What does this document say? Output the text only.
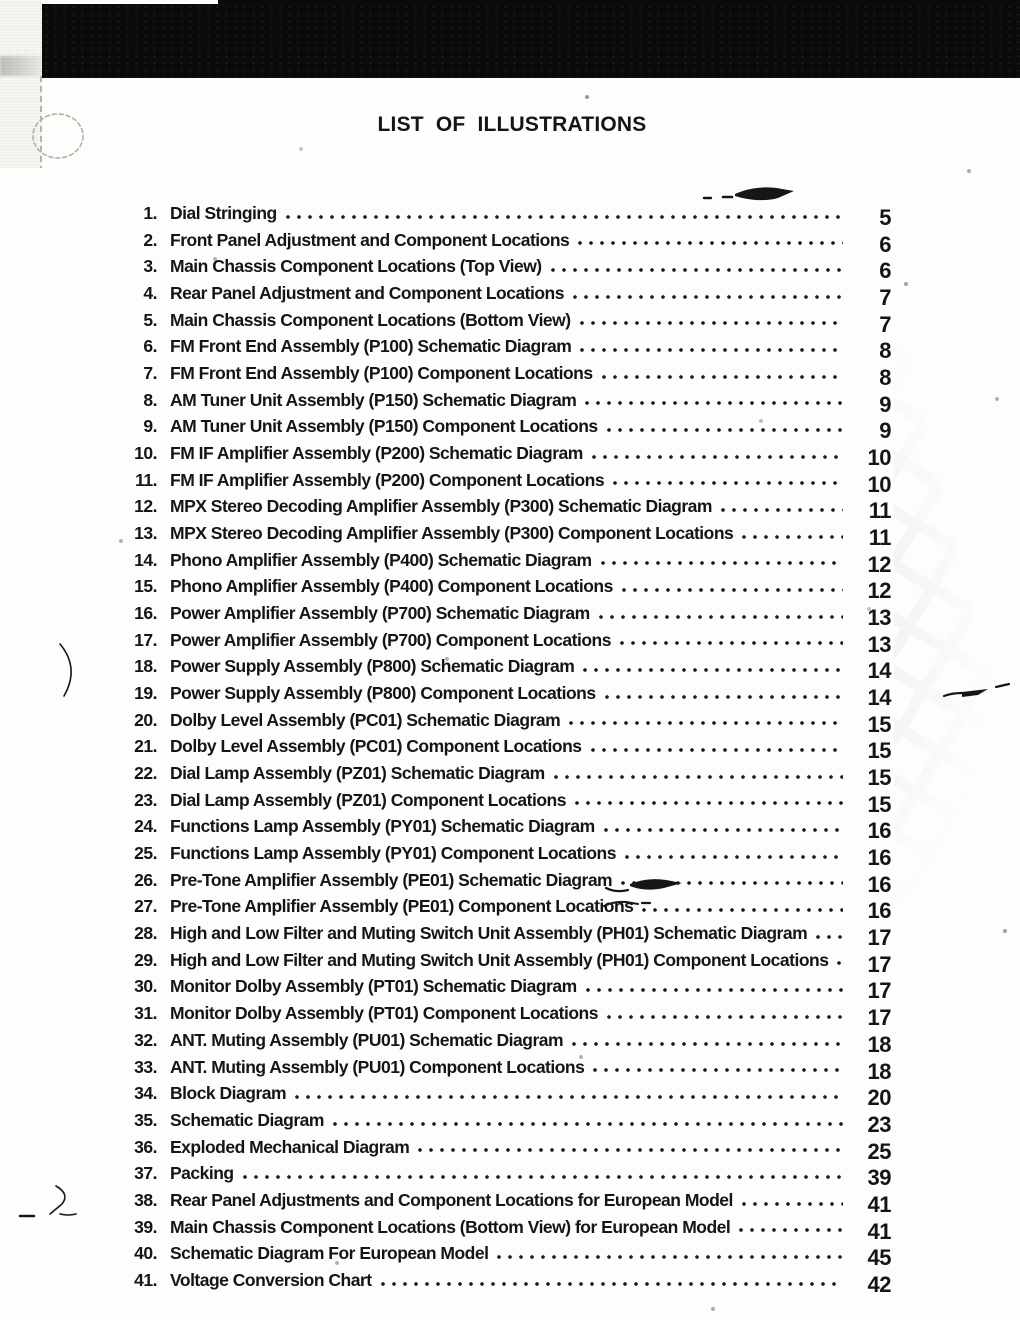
LIST OF ILLUSTRATIONS
1. Dial Stringing	5
2. Front Panel Adjustment and Component Locations	6
3. Main Chassis Component Locations (Top View)	6
4. Rear Panel Adjustment and Component Locations	7
5. Main Chassis Component Locations (Bottom View)	7
6. FM Front End Assembly (P100) Schematic Diagram	8
7. FM Front End Assembly (P100) Component Locations	8
8. AM Tuner Unit Assembly (P150) Schematic Diagram	9
9. AM Tuner Unit Assembly (P150) Component Locations	9
10. FM IF Amplifier Assembly (P200) Schematic Diagram	10
11. FM IF Amplifier Assembly (P200) Component Locations	10
12. MPX Stereo Decoding Amplifier Assembly (P300) Schematic Diagram	11
13. MPX Stereo Decoding Amplifier Assembly (P300) Component Locations	11
14. Phono Amplifier Assembly (P400) Schematic Diagram	12
15. Phono Amplifier Assembly (P400) Component Locations	12
16. Power Amplifier Assembly (P700) Schematic Diagram	13
17. Power Amplifier Assembly (P700) Component Locations	13
18. Power Supply Assembly (P800) Schematic Diagram	14
19. Power Supply Assembly (P800) Component Locations	14
20. Dolby Level Assembly (PC01) Schematic Diagram	15
21. Dolby Level Assembly (PC01) Component Locations	15
22. Dial Lamp Assembly (PZ01) Schematic Diagram	15
23. Dial Lamp Assembly (PZ01) Component Locations	15
24. Functions Lamp Assembly (PY01) Schematic Diagram	16
25. Functions Lamp Assembly (PY01) Component Locations	16
26. Pre-Tone Amplifier Assembly (PE01) Schematic Diagram	16
27. Pre-Tone Amplifier Assembly (PE01) Component Locations	16
28. High and Low Filter and Muting Switch Unit Assembly (PH01) Schematic Diagram	17
29. High and Low Filter and Muting Switch Unit Assembly (PH01) Component Locations	17
30. Monitor Dolby Assembly (PT01) Schematic Diagram	17
31. Monitor Dolby Assembly (PT01) Component Locations	17
32. ANT. Muting Assembly (PU01) Schematic Diagram	18
33. ANT. Muting Assembly (PU01) Component Locations	18
34. Block Diagram	20
35. Schematic Diagram	23
36. Exploded Mechanical Diagram	25
37. Packing	39
38. Rear Panel Adjustments and Component Locations for European Model	41
39. Main Chassis Component Locations (Bottom View) for European Model	41
40. Schematic Diagram For European Model	45
41. Voltage Conversion Chart	42
